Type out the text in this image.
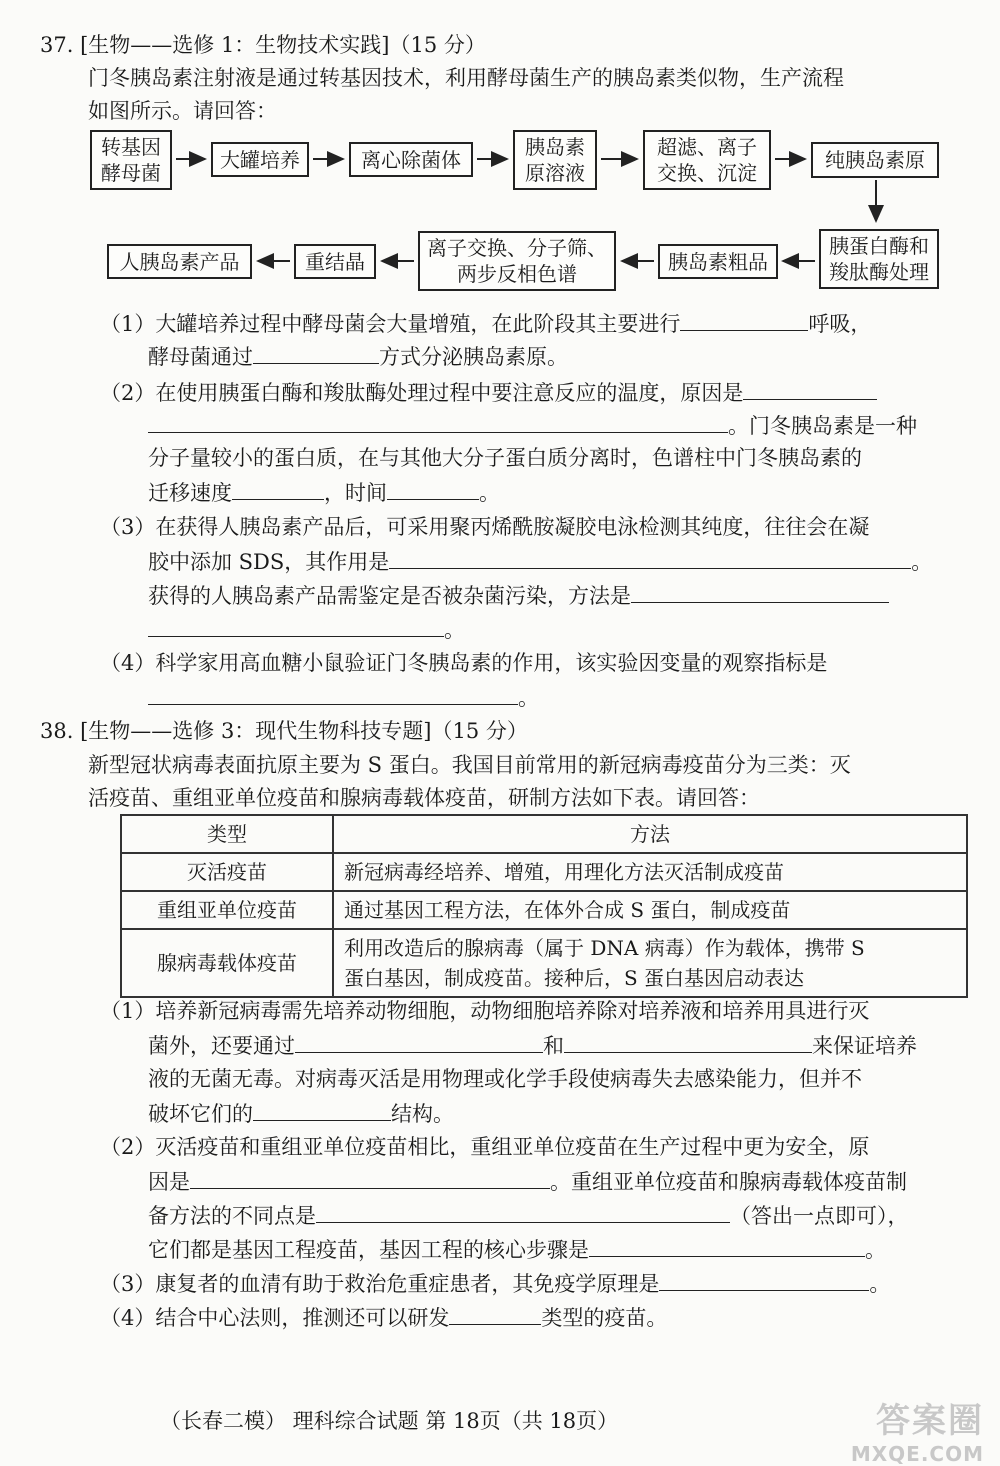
37. [生物——选修 1：生物技术实践]（15 分）
门冬胰岛素注射液是通过转基因技术，利用酵母菌生产的胰岛素类似物，生产流程
如图所示。请回答：
转基因
酵母菌
大罐培养	离心除菌体
胰岛素
原溶液
超滤、离子
交换、沉淀
纯胰岛素原
胰蛋白酶和
羧肽酶处理
胰岛素粗品
离子交换、分子筛、
两步反相色谱
重结晶
人胰岛素产品
（1）大罐培养过程中酵母菌会大量增殖，在此阶段其主要进行	呼吸，
酵母菌通过	方式分泌胰岛素原。
（2）在使用胰蛋白酶和羧肽酶处理过程中要注意反应的温度，原因是
。门冬胰岛素是一种
分子量较小的蛋白质，在与其他大分子蛋白质分离时，色谱柱中门冬胰岛素的
迁移速度	，时间	。
（3）在获得人胰岛素产品后，可采用聚丙烯酰胺凝胶电泳检测其纯度，往往会在凝
胶中添加 SDS，其作用是	。
获得的人胰岛素产品需鉴定是否被杂菌污染，方法是
。
（4）科学家用高血糖小鼠验证门冬胰岛素的作用，该实验因变量的观察指标是
。
38. [生物——选修 3：现代生物科技专题]（15 分）
新型冠状病毒表面抗原主要为 S 蛋白。我国目前常用的新冠病毒疫苗分为三类：灭
活疫苗、重组亚单位疫苗和腺病毒载体疫苗，研制方法如下表。请回答：
类型	方法
灭活疫苗	新冠病毒经培养、增殖，用理化方法灭活制成疫苗
重组亚单位疫苗	通过基因工程方法，在体外合成 S 蛋白，制成疫苗
腺病毒载体疫苗	利用改造后的腺病毒（属于 DNA 病毒）作为载体，携带 S
蛋白基因，制成疫苗。接种后，S 蛋白基因启动表达
（1）培养新冠病毒需先培养动物细胞，动物细胞培养除对培养液和培养用具进行灭
菌外，还要通过	和	来保证培养
液的无菌无毒。对病毒灭活是用物理或化学手段使病毒失去感染能力，但并不
破坏它们的	结构。
（2）灭活疫苗和重组亚单位疫苗相比，重组亚单位疫苗在生产过程中更为安全，原
因是	。重组亚单位疫苗和腺病毒载体疫苗制
备方法的不同点是	（答出一点即可），
它们都是基因工程疫苗，基因工程的核心步骤是	。
（3）康复者的血清有助于救治危重症患者，其免疫学原理是	。
（4）结合中心法则，推测还可以研发	类型的疫苗。
（长春二模） 理科综合试题 第 18页（共 18页）	答案圈
MXQE.COM
